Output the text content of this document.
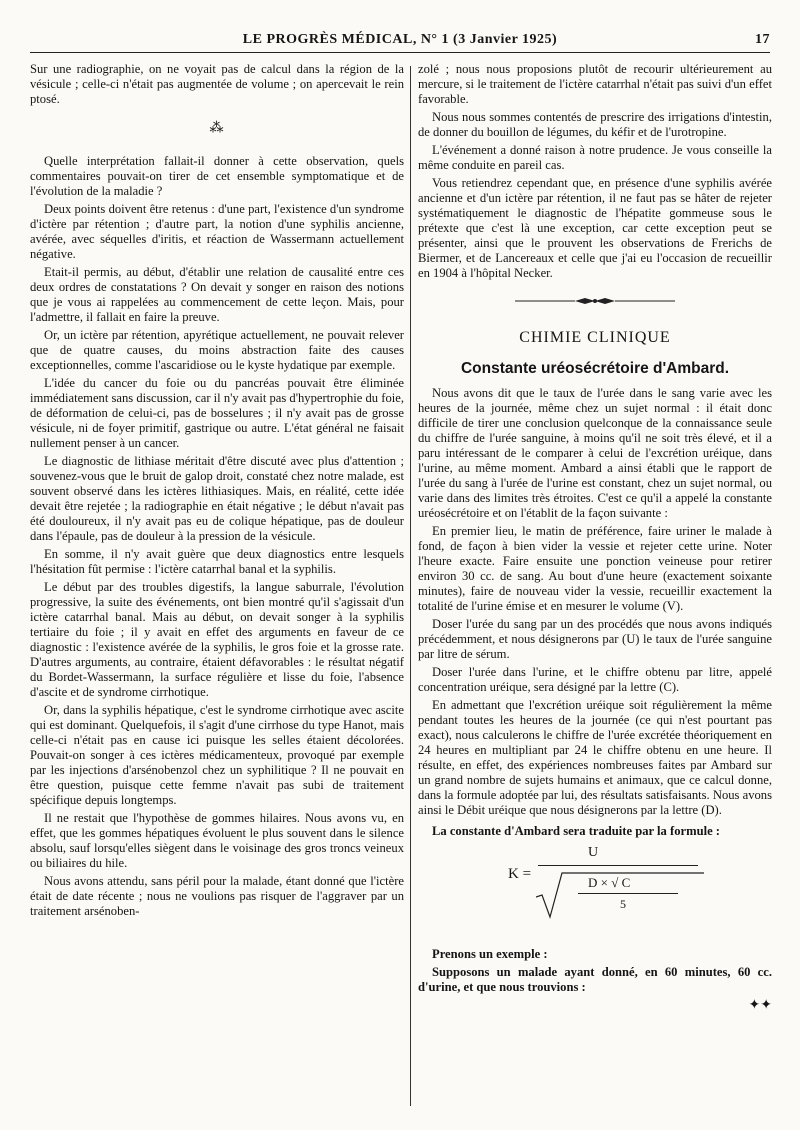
LE PROGRÈS MÉDICAL, N° 1 (3 Janvier 1925)	17

Sur une radiographie, on ne voyait pas de calcul dans la région de la vésicule ; celle-ci n'était pas augmentée de volume ; on apercevait le rein ptosé.

⁂

Quelle interprétation fallait-il donner à cette observation, quels commentaires pouvait-on tirer de cet ensemble symptomatique et de l'évolution de la maladie ?

Deux points doivent être retenus : d'une part, l'existence d'un syndrome d'ictère par rétention ; d'autre part, la notion d'une syphilis ancienne, avérée, avec séquelles d'iritis, et réaction de Wassermann actuellement négative.

Etait-il permis, au début, d'établir une relation de causalité entre ces deux ordres de constatations ? On devait y songer en raison des notions que je vous ai rappelées au commencement de cette leçon. Mais, pour l'admettre, il fallait en faire la preuve.

Or, un ictère par rétention, apyrétique actuellement, ne pouvait relever que de quatre causes, du moins abstraction faite des causes exceptionnelles, comme l'ascaridiose ou le kyste hydatique par exemple.

L'idée du cancer du foie ou du pancréas pouvait être éliminée immédiatement sans discussion, car il n'y avait pas d'hypertrophie du foie, de déformation de celui-ci, pas de bosselures ; il n'y avait pas de grosse vésicule, ni de foyer primitif, gastrique ou autre. L'état général ne faisait nullement penser à un cancer.

Le diagnostic de lithiase méritait d'être discuté avec plus d'attention ; souvenez-vous que le bruit de galop droit, constaté chez notre malade, est souvent observé dans les ictères lithiasiques. Mais, en réalité, cette idée devait être rejetée ; la radiographie en était négative ; le début n'avait pas été douloureux, il n'y avait pas eu de colique hépatique, pas de douleur dans l'épaule, pas de douleur à la pression de la vésicule.

En somme, il n'y avait guère que deux diagnostics entre lesquels l'hésitation fût permise : l'ictère catarrhal banal et la syphilis.

Le début par des troubles digestifs, la langue saburrale, l'évolution progressive, la suite des événements, ont bien montré qu'il s'agissait d'un ictère catarrhal banal. Mais au début, on devait songer à la syphilis tertiaire du foie ; il y avait en effet des arguments en faveur de ce diagnostic : l'existence avérée de la syphilis, le gros foie et la grosse rate. D'autres arguments, au contraire, étaient défavorables : le résultat négatif du Bordet-Wassermann, la surface régulière et lisse du foie, l'absence d'ascite et de syndrome cirrhotique.

Or, dans la syphilis hépatique, c'est le syndrome cirrhotique avec ascite qui est dominant. Quelquefois, il s'agit d'une cirrhose du type Hanot, mais celle-ci n'était pas en cause ici puisque les selles étaient décolorées. Pouvait-on songer à ces ictères médicamenteux, provoqué par exemple par les injections d'arsénobenzol chez un syphilitique ? Il ne pouvait en être question, puisque cette femme n'avait pas subi de traitement spécifique depuis longtemps.

Il ne restait que l'hypothèse de gommes hilaires. Nous avons vu, en effet, que les gommes hépatiques évoluent le plus souvent dans le silence absolu, sauf lorsqu'elles siègent dans le voisinage des gros troncs veineux ou biliaires du hile.

Nous avons attendu, sans péril pour la malade, étant donné que l'ictère était de date récente ; nous ne voulions pas risquer de l'aggraver par un traitement arsénoben-

zolé ; nous nous proposions plutôt de recourir ultérieurement au mercure, si le traitement de l'ictère catarrhal n'était pas suivi d'un effet favorable.

Nous nous sommes contentés de prescrire des irrigations d'intestin, de donner du bouillon de légumes, du kéfir et de l'urotropine.

L'événement a donné raison à notre prudence. Je vous conseille la même conduite en pareil cas.

Vous retiendrez cependant que, en présence d'une syphilis avérée ancienne et d'un ictère par rétention, il ne faut pas se hâter de rejeter systématiquement le diagnostic de l'hépatite gommeuse sous le prétexte que c'est là une exception, car cette exception peut se présenter, ainsi que le prouvent les observations de Frerichs de Biermer, et de Lancereaux et celle que j'ai eu l'occasion de recueillir en 1904 à l'hôpital Necker.

CHIMIE CLINIQUE
Constante uréosécrétoire d'Ambard.

Nous avons dit que le taux de l'urée dans le sang varie avec les heures de la journée, même chez un sujet normal : il était donc difficile de tirer une conclusion quelconque de la connaissance seule du chiffre de l'urée sanguine, à moins qu'il ne soit très élevé, et il a paru intéressant de le comparer à celui de l'excrétion uréique, dans l'urine, au même moment. Ambard a ainsi établi que le rapport de l'urée du sang à l'urée de l'urine est constant, chez un sujet normal, ou varie dans des limites très étroites. C'est ce qu'il a appelé la constante uréosécrétoire et on l'établit de la façon suivante :

En premier lieu, le matin de préférence, faire uriner le malade à fond, de façon à bien vider la vessie et rejeter cette urine. Noter l'heure exacte. Faire ensuite une ponction veineuse pour retirer environ 30 cc. de sang. Au bout d'une heure (exactement soixante minutes), faire de nouveau vider la vessie, recueillir exactement la totalité de l'urine émise et en mesurer le volume (V).

Doser l'urée du sang par un des procédés que nous avons indiqués précédemment, et nous désignerons par (U) le taux de l'urée sanguine par litre de sérum.

Doser l'urée dans l'urine, et le chiffre obtenu par litre, appelé concentration uréique, sera désigné par la lettre (C).

En admettant que l'excrétion uréique soit régulièrement la même pendant toutes les heures de la journée (ce qui n'est pourtant pas exact), nous calculerons le chiffre de l'urée excrétée théoriquement en 24 heures en multipliant par 24 le chiffre obtenu en une heure. Il résulte, en effet, des expériences nombreuses faites par Ambard sur un grand nombre de sujets humains et animaux, que ce calcul donne, dans la formule adoptée par lui, des résultats satisfaisants. Nous avons ainsi le Débit uréique que nous désignerons par la lettre (D).

La constante d'Ambard sera traduite par la formule :

K =
U
D × √ C
5

Prenons un exemple :

Supposons un malade ayant donné, en 60 minutes, 60 cc. d'urine, et que nous trouvions :

✦✦
